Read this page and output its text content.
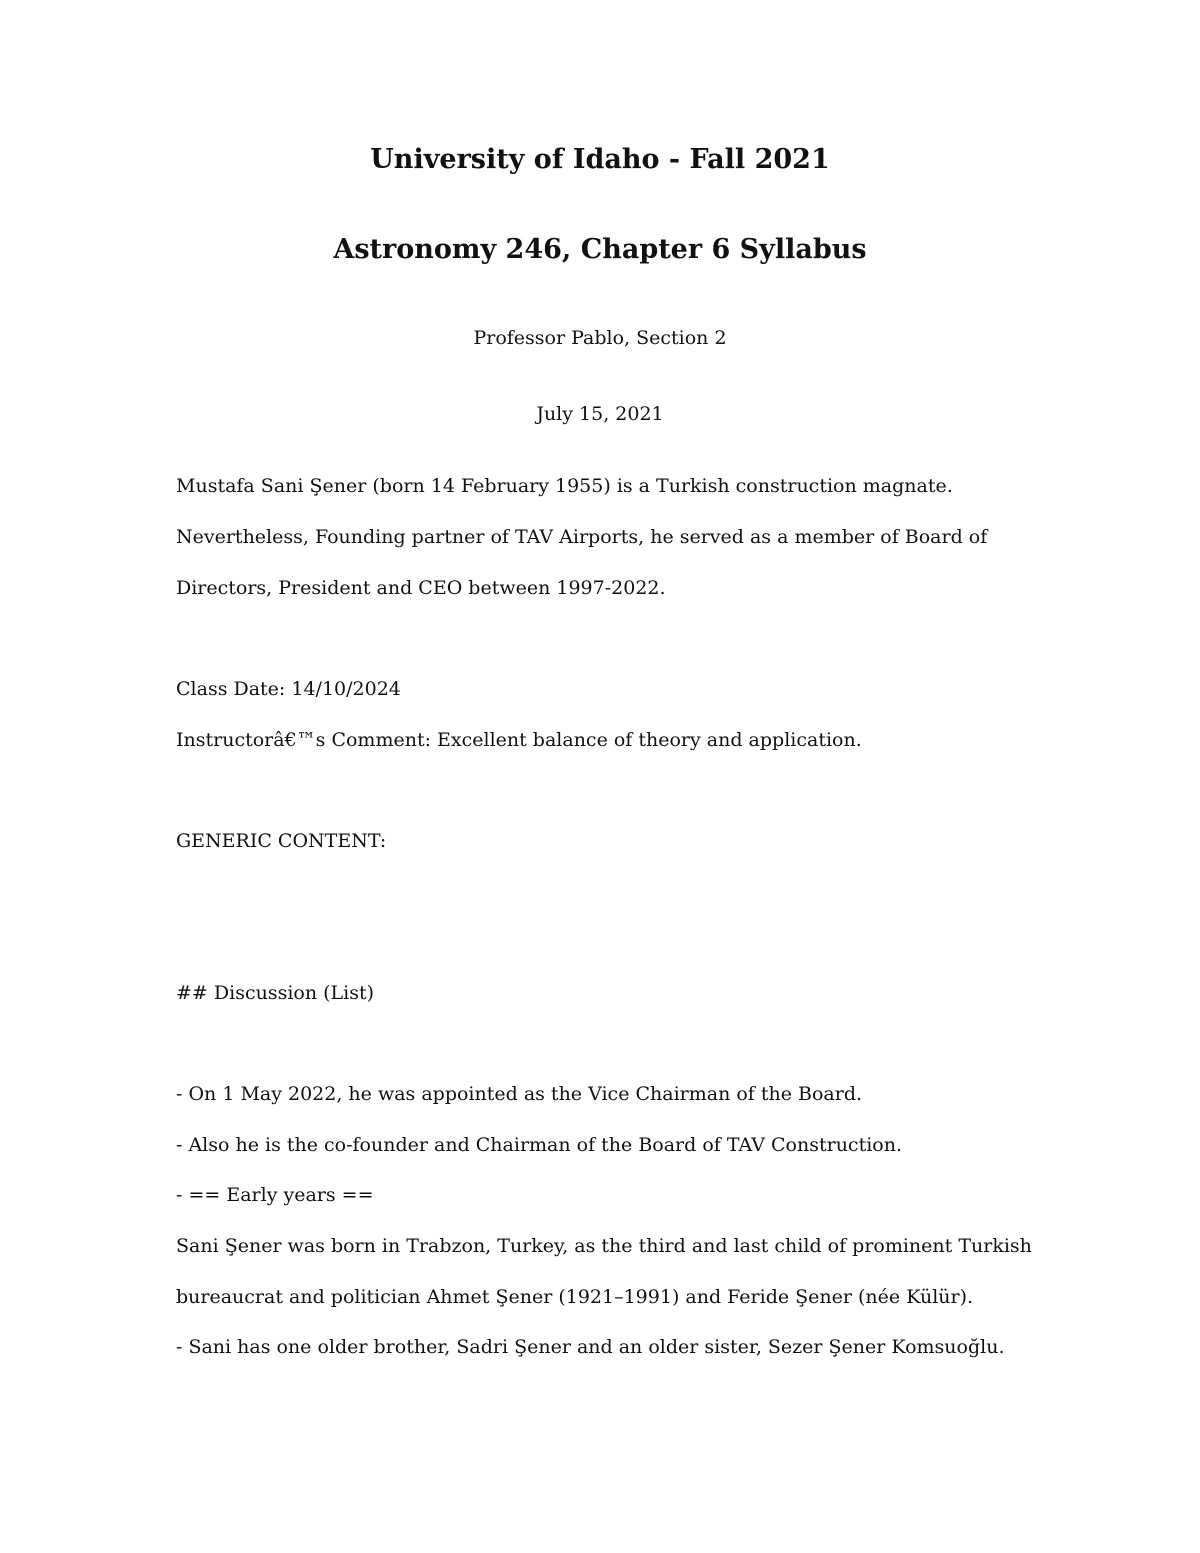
University of Idaho - Fall 2021
Astronomy 246, Chapter 6 Syllabus
Professor Pablo, Section 2
July 15, 2021
Mustafa Sani Şener (born 14 February 1955) is a Turkish construction magnate.
Nevertheless, Founding partner of TAV Airports, he served as a member of Board of
Directors, President and CEO between 1997-2022.
Class Date: 14/10/2024
Instructorâ€™s Comment: Excellent balance of theory and application.
GENERIC CONTENT:
## Discussion (List)
- On 1 May 2022, he was appointed as the Vice Chairman of the Board.
- Also he is the co-founder and Chairman of the Board of TAV Construction.
- == Early years ==
Sani Şener was born in Trabzon, Turkey, as the third and last child of prominent Turkish
bureaucrat and politician Ahmet Şener (1921–1991) and Feride Şener (née Külür).
- Sani has one older brother, Sadri Şener and an older sister, Sezer Şener Komsuoğlu.
